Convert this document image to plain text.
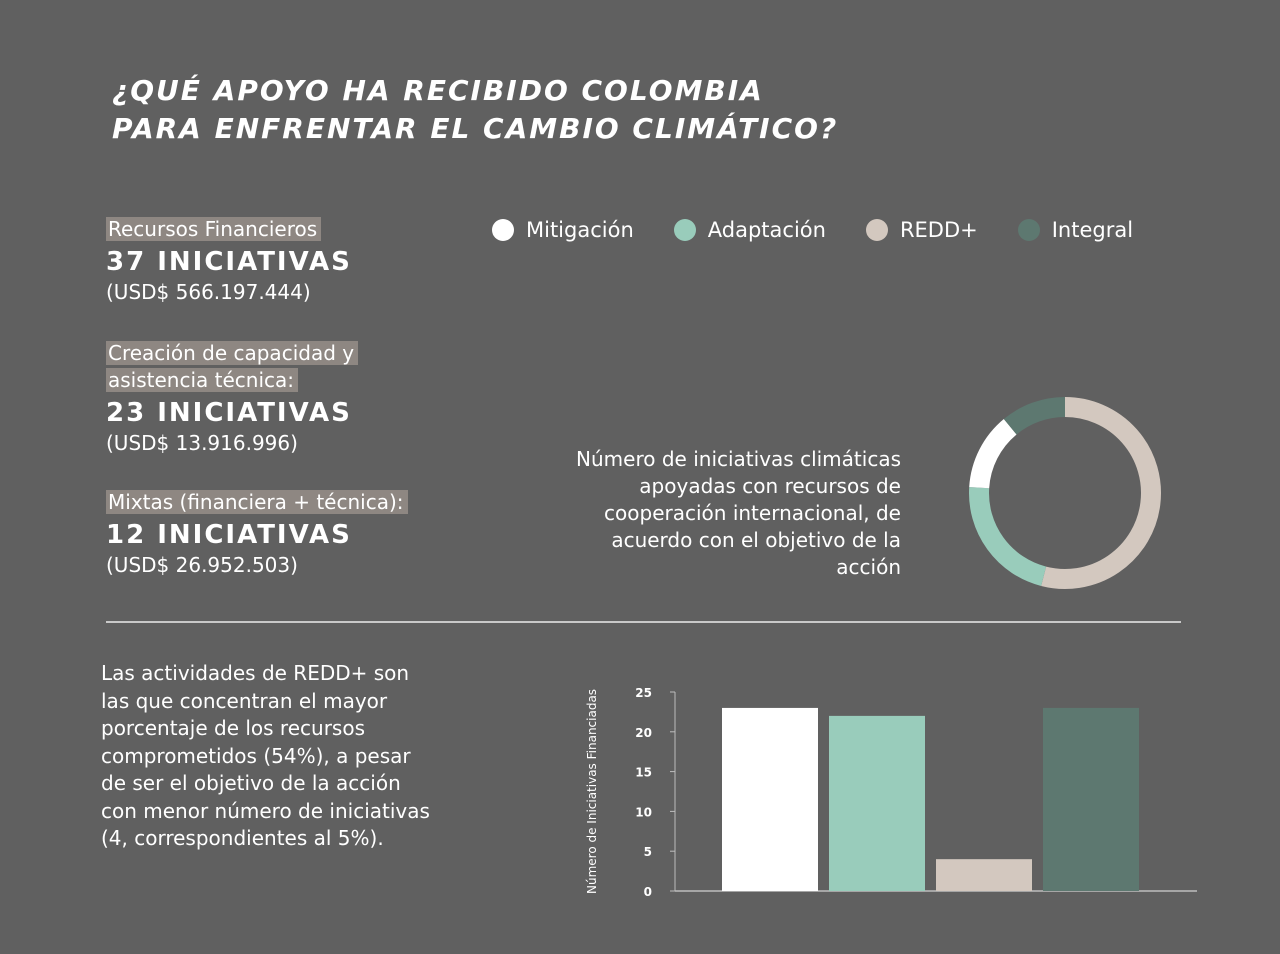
¿QUÉ APOYO HA RECIBIDO COLOMBIA
PARA ENFRENTAR EL CAMBIO CLIMÁTICO?
Recursos Financieros
37 INICIATIVAS
(USD$ 566.197.444)
Creación de capacidad y asistencia técnica:
23 INICIATIVAS
(USD$ 13.916.996)
Mixtas (financiera + técnica):
12 INICIATIVAS
(USD$ 26.952.503)
Mitigación	Adaptación	REDD+	Integral
Número de iniciativas climáticas apoyadas con recursos de cooperación internacional, de acuerdo con el objetivo de la acción
Las actividades de REDD+ son las que concentran el mayor porcentaje de los recursos comprometidos (54%), a pesar de ser el objetivo de la acción con menor número de iniciativas (4, correspondientes al 5%).	Número de Iniciativas Financiadas	0
5
10
15
20
25
